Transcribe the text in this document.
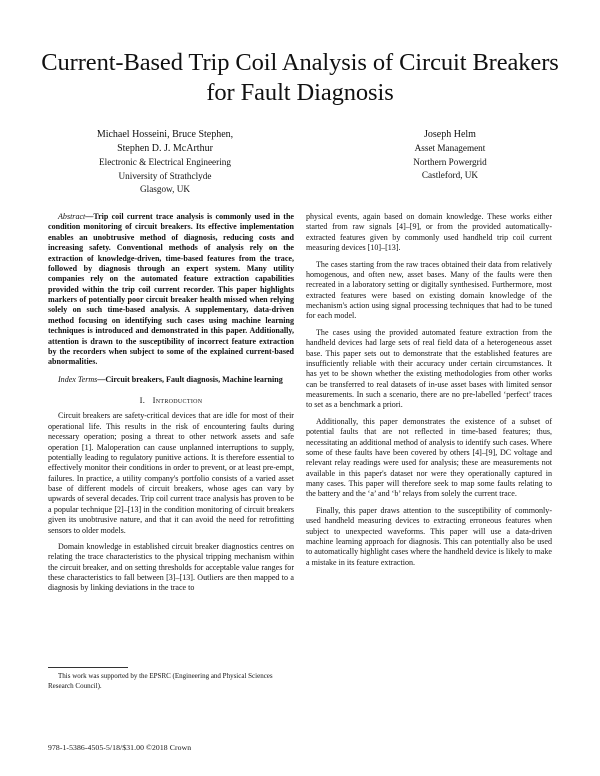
Current-Based Trip Coil Analysis of Circuit Breakers
for Fault Diagnosis
Michael Hosseini, Bruce Stephen,
Stephen D. J. McArthur
Electronic & Electrical Engineering
University of Strathclyde
Glasgow, UK
Joseph Helm
Asset Management
Northern Powergrid
Castleford, UK

Abstract—Trip coil current trace analysis is commonly used in the condition monitoring of circuit breakers. Its effective implementation enables an unobtrusive method of diagnosis, reducing costs and increasing safety. Conventional methods of analysis rely on the extraction of knowledge-driven, time-based features from the trace, followed by diagnosis through an expert system. Many utility companies rely on the automated feature extraction capabilities provided within the trip coil current recorder. This paper highlights markers of potentially poor circuit breaker health missed when relying solely on such time-based analysis. A supplementary, data-driven method focusing on identifying such cases using machine learning techniques is introduced and demonstrated in this paper. Additionally, attention is drawn to the susceptibility of incorrect feature extraction by the recorders when subject to some of the explained current-based abnormalities.

Index Terms—Circuit breakers, Fault diagnosis, Machine learning

I. Introduction

Circuit breakers are safety-critical devices that are idle for most of their operational life. This results in the risk of encountering faults during necessary operation; posing a threat to other network assets and safe operation [1]. Maloperation can cause unplanned interruptions to supply, potentially leading to regulatory punitive actions. It is therefore essential to effectively monitor their conditions in order to prevent, or at least pre-empt, failures. In practice, a utility company's portfolio consists of a varied asset base of different models of circuit breakers, whose ages can vary by upwards of several decades. Trip coil current trace analysis has proven to be a popular technique [2]–[13] in the condition monitoring of circuit breakers given its unobtrusive nature, and that it can avoid the need for retrofitting sensors to older models.

Domain knowledge in established circuit breaker diagnostics centres on relating the trace characteristics to the physical tripping mechanism within the circuit breaker, and on setting thresholds for acceptable value ranges for these characteristics to fall between [3]–[13]. Outliers are then mapped to a diagnosis by linking deviations in the trace to

physical events, again based on domain knowledge. These works either started from raw signals [4]–[9], or from the provided automatically-extracted features given by commonly used handheld trip coil current measuring devices [10]–[13].

The cases starting from the raw traces obtained their data from relatively homogenous, and often new, asset bases. Many of the faults were then recreated in a laboratory setting or digitally synthesised. Furthermore, most extracted features were based on existing domain knowledge of the mechanism's action using signal processing techniques that had to be tuned for each model.

The cases using the provided automated feature extraction from the handheld devices had large sets of real field data of a heterogeneous asset base. This paper sets out to demonstrate that the established features are insufficiently reliable with their accuracy under certain circumstances. It has yet to be shown whether the existing methodologies from other works can be transferred to real datasets of in-use asset bases with limited sensor measurements. In such a scenario, there are no pre-labelled ‘perfect’ traces to set as a benchmark a priori.

Additionally, this paper demonstrates the existence of a subset of potential faults that are not reflected in time-based features; thus, necessitating an additional method of analysis to identify such cases. Where some of these faults have been covered by others [4]–[9], DC voltage and relevant relay readings were used for analysis; these are measurements not available in this paper's dataset nor were they operationally captured in many cases. This paper will therefore seek to map some faults relating to the battery and the ‘a’ and ‘b’ relays from solely the current trace.

Finally, this paper draws attention to the susceptibility of commonly-used handheld measuring devices to extracting erroneous features when subject to unexpected waveforms. This paper will use a data-driven machine learning approach for diagnosis. This can potentially also be used to automatically highlight cases where the handheld device is likely to make a mistake in its feature extraction.

This work was supported by the EPSRC (Engineering and Physical Sciences Research Council).
978-1-5386-4505-5/18/$31.00 ©2018 Crown
